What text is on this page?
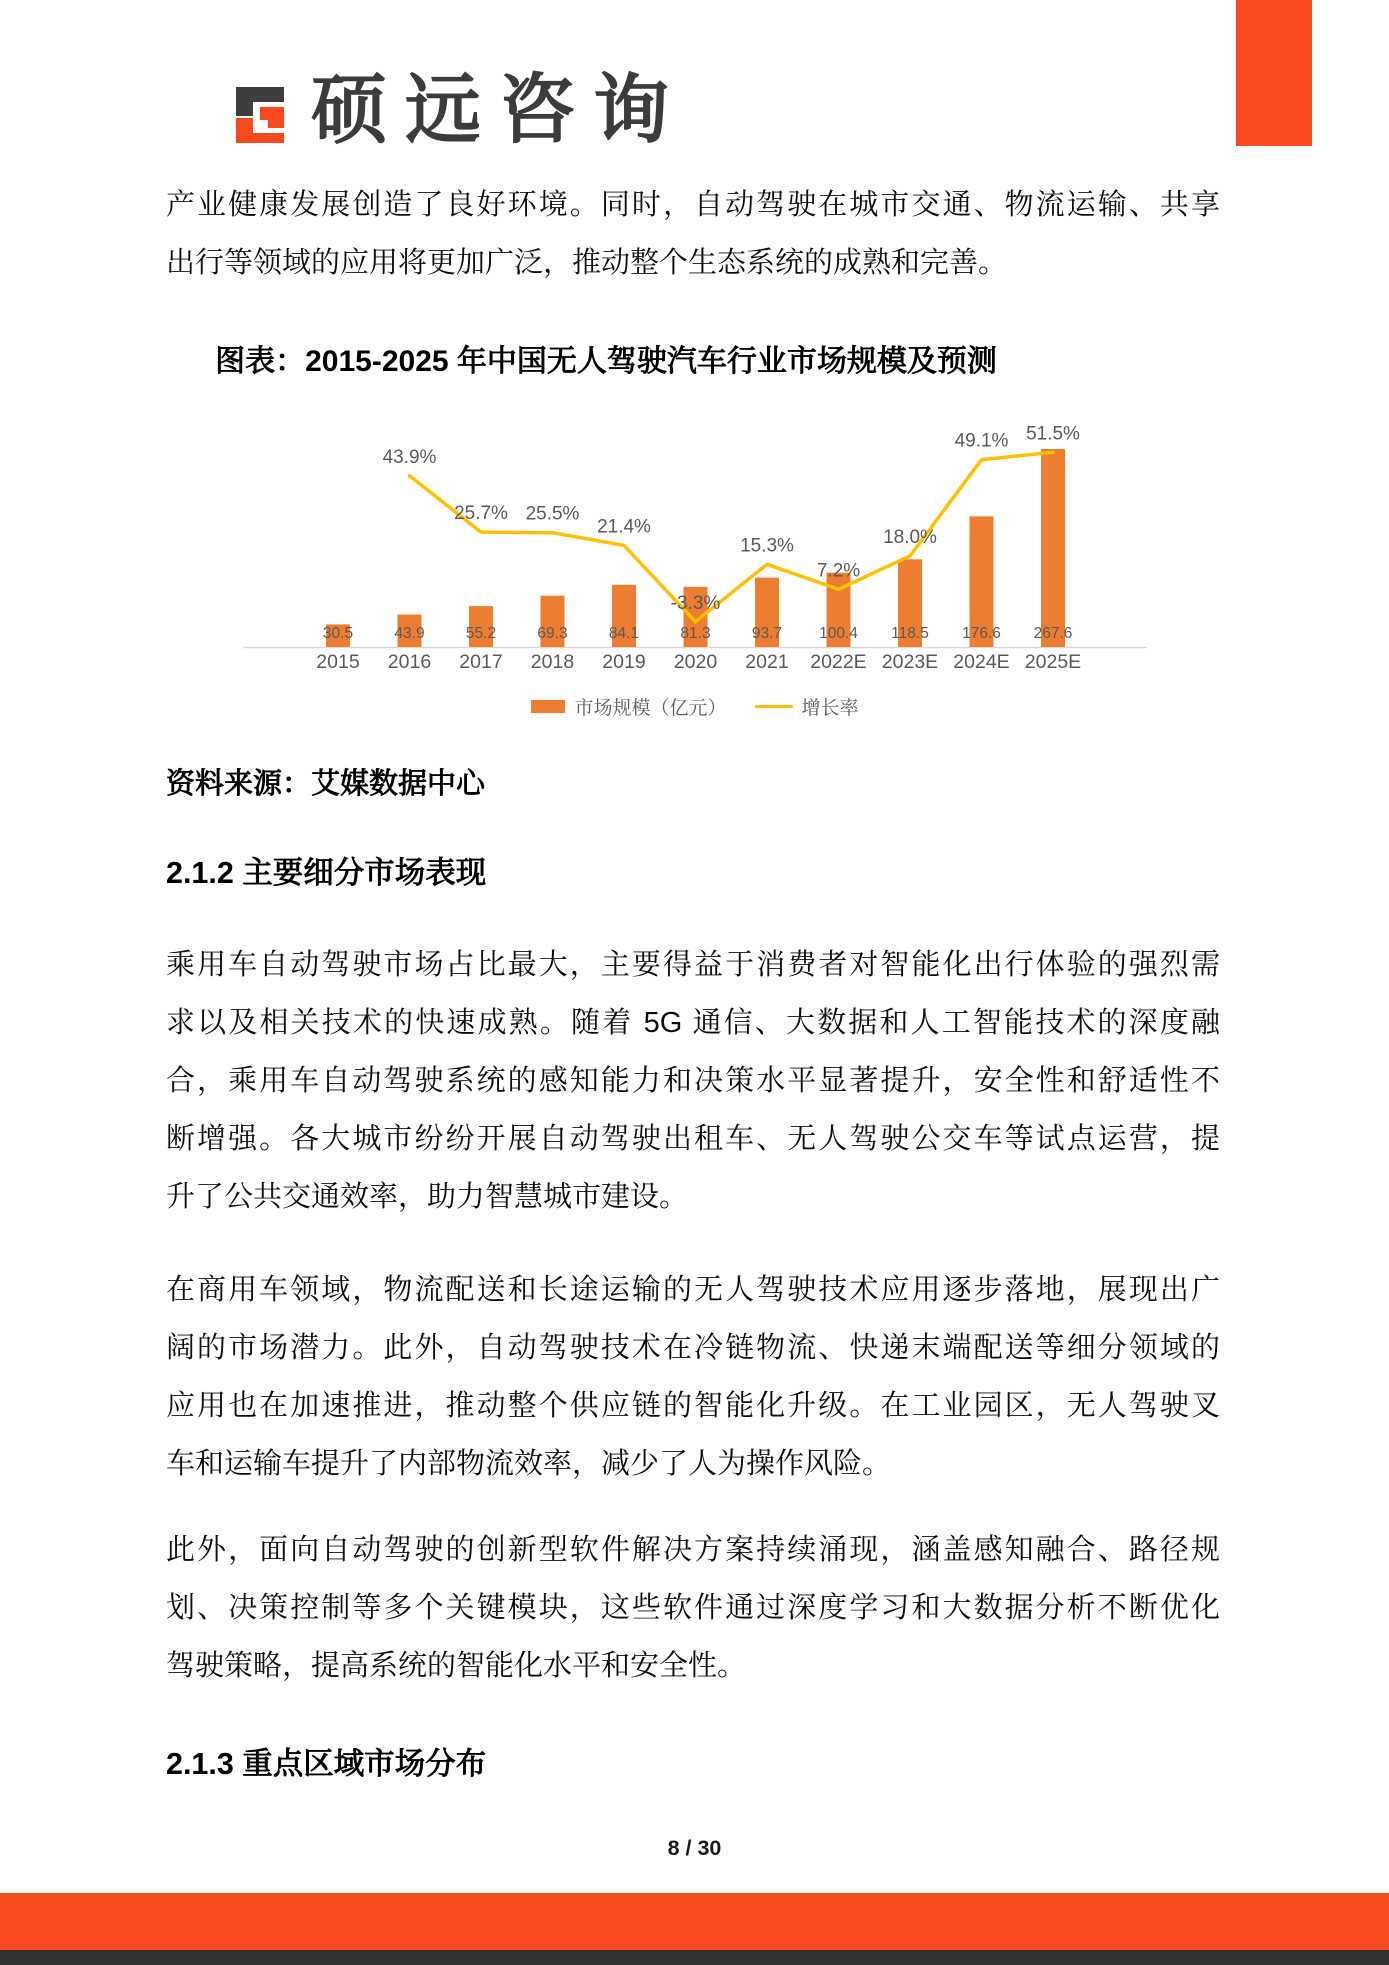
硕远咨询
产业健康发展创造了良好环境。同时，自动驾驶在城市交通、物流运输、共享
出行等领域的应用将更加广泛，推动整个生态系统的成熟和完善。
图表：2015-2025 年中国无人驾驶汽车行业市场规模及预测
30.5
2015
43.9
2016
43.9%
55.2
2017
25.7%
69.3
2018
25.5%
84.1
2019
21.4%
81.3
2020
-3.3%
93.7
2021
15.3%
100.4
2022E
7.2%
118.5
2023E
18.0%
176.6
2024E
49.1%
267.6
2025E
51.5%
市场规模（亿元）	增长率
资料来源：艾媒数据中心
2.1.2 主要细分市场表现
乘用车自动驾驶市场占比最大，主要得益于消费者对智能化出行体验的强烈需
求以及相关技术的快速成熟。随着 5G 通信、大数据和人工智能技术的深度融
合，乘用车自动驾驶系统的感知能力和决策水平显著提升，安全性和舒适性不
断增强。各大城市纷纷开展自动驾驶出租车、无人驾驶公交车等试点运营，提
升了公共交通效率，助力智慧城市建设。
在商用车领域，物流配送和长途运输的无人驾驶技术应用逐步落地，展现出广
阔的市场潜力。此外，自动驾驶技术在冷链物流、快递末端配送等细分领域的
应用也在加速推进，推动整个供应链的智能化升级。在工业园区，无人驾驶叉
车和运输车提升了内部物流效率，减少了人为操作风险。
此外，面向自动驾驶的创新型软件解决方案持续涌现，涵盖感知融合、路径规
划、决策控制等多个关键模块，这些软件通过深度学习和大数据分析不断优化
驾驶策略，提高系统的智能化水平和安全性。
2.1.3 重点区域市场分布
8 / 30
